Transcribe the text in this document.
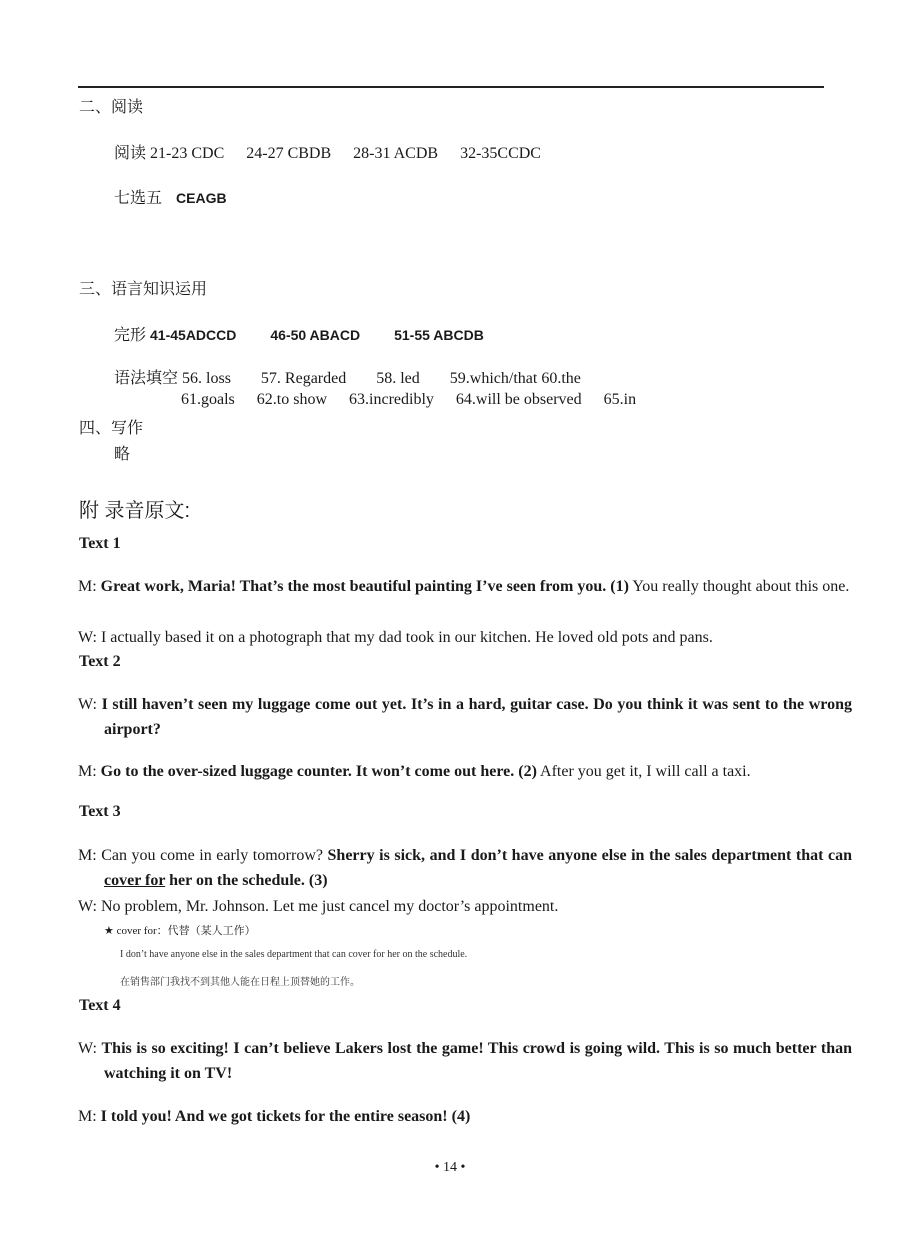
二、阅读
阅读 21-23 CDC 24-27 CBDB 28-31 ACDB 32-35CCDC
七选五 CEAGB
三、语言知识运用
完形 41-45ADCCD 46-50 ABACD 51-55 ABCDB
语法填空 56. loss 57. Regarded 58. led 59.which/that 60.the
61.goals 62.to show 63.incredibly 64.will be observed 65.in
四、写作
略
附 录音原文:
Text 1
M: Great work, Maria! That’s the most beautiful painting I’ve seen from you. (1) You really thought about this one.
W: I actually based it on a photograph that my dad took in our kitchen. He loved old pots and pans.
Text 2
W: I still haven’t seen my luggage come out yet. It’s in a hard, guitar case. Do you think it was sent to the wrong airport?
M: Go to the over-sized luggage counter. It won’t come out here. (2) After you get it, I will call a taxi.
Text 3
M: Can you come in early tomorrow? Sherry is sick, and I don’t have anyone else in the sales department that can cover for her on the schedule. (3)
W: No problem, Mr. Johnson. Let me just cancel my doctor’s appointment.
★ cover for：代替（某人工作）
I don’t have anyone else in the sales department that can cover for her on the schedule.
在销售部门我找不到其他人能在日程上顶替她的工作。
Text 4
W: This is so exciting! I can’t believe Lakers lost the game! This crowd is going wild. This is so much better than watching it on TV!
M: I told you! And we got tickets for the entire season! (4)
• 14 •
